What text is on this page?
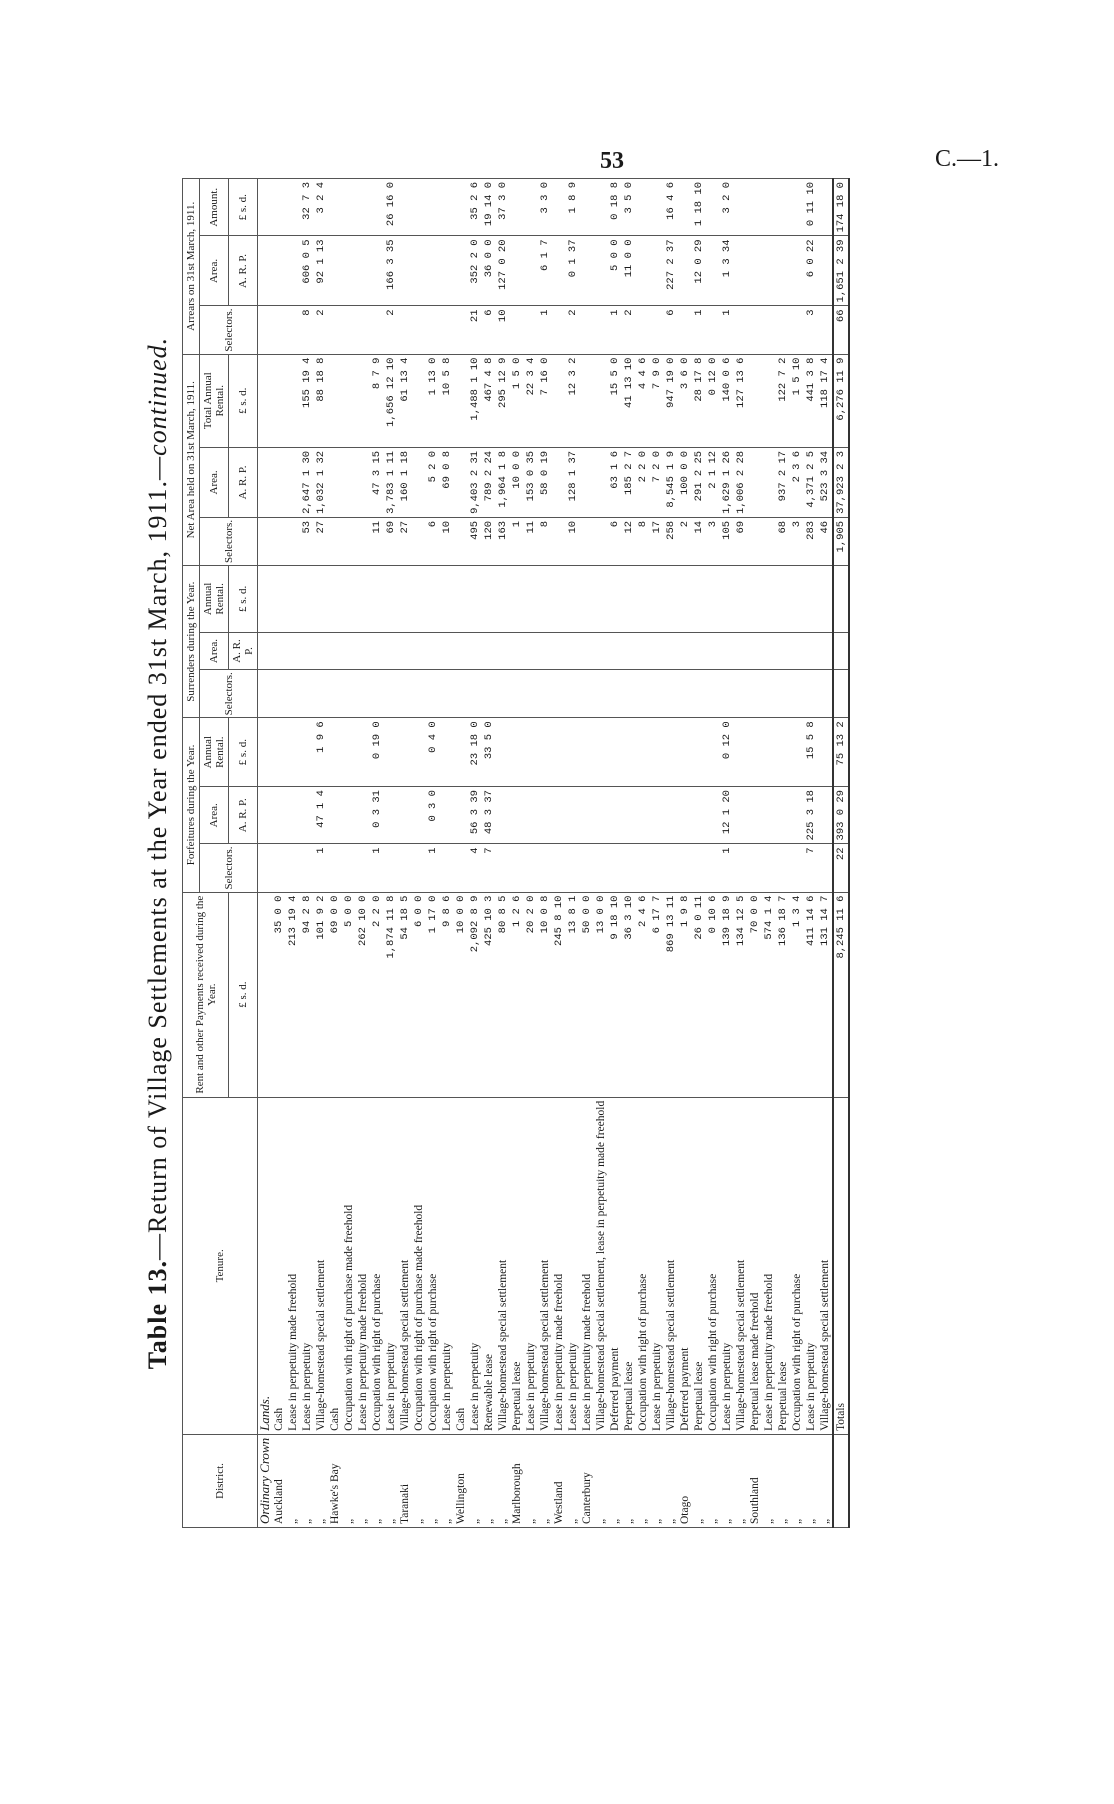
53	C.—1.
Table 13.—Return of Village Settlements at the Year ended 31st March, 1911.—continued.
District.	Tenure.	Rent and other Payments received during the Year.	Forfeitures during the Year.			Surrenders during the Year.			Net Area held on 31st March, 1911.			Arrears on 31st March, 1911.		
			Selectors.	Area.	Annual Rental.	Selectors.	Area.	Annual Rental.	Selectors.	Area.	Total Annual Rental.	Selectors.	Area.	Amount.
		£ s. d.		A. R. P.	£ s. d.		A. R. P.	£ s. d.		A. R. P.	£ s. d.		A. R. P.	£ s. d.
Ordinary Crown	Lands.													
Auckland	Cash	35 0 0												
„	Lease in perpetuity made freehold	213 19 4												
„	Lease in perpetuity	94 2 8							53	2,647 1 30	155 19 4	8	606 0 5	32 7 3
„	Village-homestead special settlement	101 9 2	1	47 1 4	1 9 6				27	1,032 1 32	88 18 8	2	92 1 13	3 2 4
Hawke's Bay	Cash	69 0 0												
„	Occupation with right of purchase made freehold	5 0 0												
„	Lease in perpetuity made freehold	262 10 0												
„	Occupation with right of purchase	2 2 0	1	0 3 31	0 19 0				11	47 3 15	8 7 9			
„	Lease in perpetuity	1,874 11 8							69	3,783 1 11	1,656 12 10	2	166 3 35	26 16 0
Taranaki	Village-homestead special settlement	54 18 5							27	160 1 18	61 13 4			
„	Occupation with right of purchase made freehold	6 0 0												
„	Occupation with right of purchase	1 17 0	1	0 3 0	0 4 0				6	5 2 0	1 13 0			
„	Lease in perpetuity	9 8 6							10	69 0 8	10 5 8			
Wellington	Cash	10 0 0												
„	Lease in perpetuity	2,092 8 9	4	56 3 39	23 18 0				495	9,403 2 31	1,488 1 10	21	352 2 0	35 2 6
„	Renewable lease	425 10 3	7	48 3 37	33 5 0				120	789 2 24	467 4 8	6	36 0 0	19 14 0
„	Village-homestead special settlement	80 8 5							163	1,964 1 8	295 12 9	10	127 0 20	37 3 0
Marlborough	Perpetual lease	1 2 6							1	10 0 0	1 5 0			
„	Lease in perpetuity	20 2 0							11	153 0 35	22 3 4			
„	Village-homestead special settlement	10 0 8							8	58 0 19	7 16 0	1	6 1 7	3 3 0
Westland	Lease in perpetuity made freehold	245 8 10												
„	Lease in perpetuity	13 8 1							10	128 1 37	12 3 2	2	0 1 37	1 8 9
Canterbury	Lease in perpetuity made freehold	50 0 0												
„	Village-homestead special settlement, lease in perpetuity made freehold	13 0 0												
„	Deferred payment	9 18 10							6	63 1 6	15 5 0	1	5 0 0	0 18 8
„	Perpetual lease	36 3 10							12	185 2 7	41 13 10	2	11 0 0	3 5 0
„	Occupation with right of purchase	2 4 6							8	2 2 0	4 4 6			
„	Lease in perpetuity	6 17 7							17	7 2 0	7 9 0			
„	Village-homestead special settlement	869 13 11							258	8,545 1 9	947 19 0	6	227 2 37	16 4 6
Otago	Deferred payment	1 9 8							2	100 0 0	3 6 0			
„	Perpetual lease	26 0 11							14	291 2 25	28 17 8	1	12 0 29	1 18 10
„	Occupation with right of purchase	0 10 6							3	2 1 12	0 12 0			
„	Lease in perpetuity	139 18 9	1	12 1 20	0 12 0				105	1,629 1 26	140 0 6	1	1 3 34	3 2 0
„	Village-homestead special settlement	134 12 5							69	1,006 2 28	127 13 6			
Southland	Perpetual lease made freehold	70 0 0												
„	Lease in perpetuity made freehold	574 1 4												
„	Perpetual lease	136 18 7							68	937 2 17	122 7 2			
„	Occupation with right of purchase	1 3 4							3	2 3 6	1 5 10			
„	Lease in perpetuity	411 14 6	7	225 3 18	15 5 8				283	4,371 2 5	441 3 8	3	6 0 22	0 11 10
„	Village-homestead special settlement	131 14 7							46	523 3 34	118 17 4			
	Totals	8,245 11 6	22	393 0 29	75 13 2				1,905	37,923 2 3	6,276 11 9	66	1,651 2 39	174 18 0
